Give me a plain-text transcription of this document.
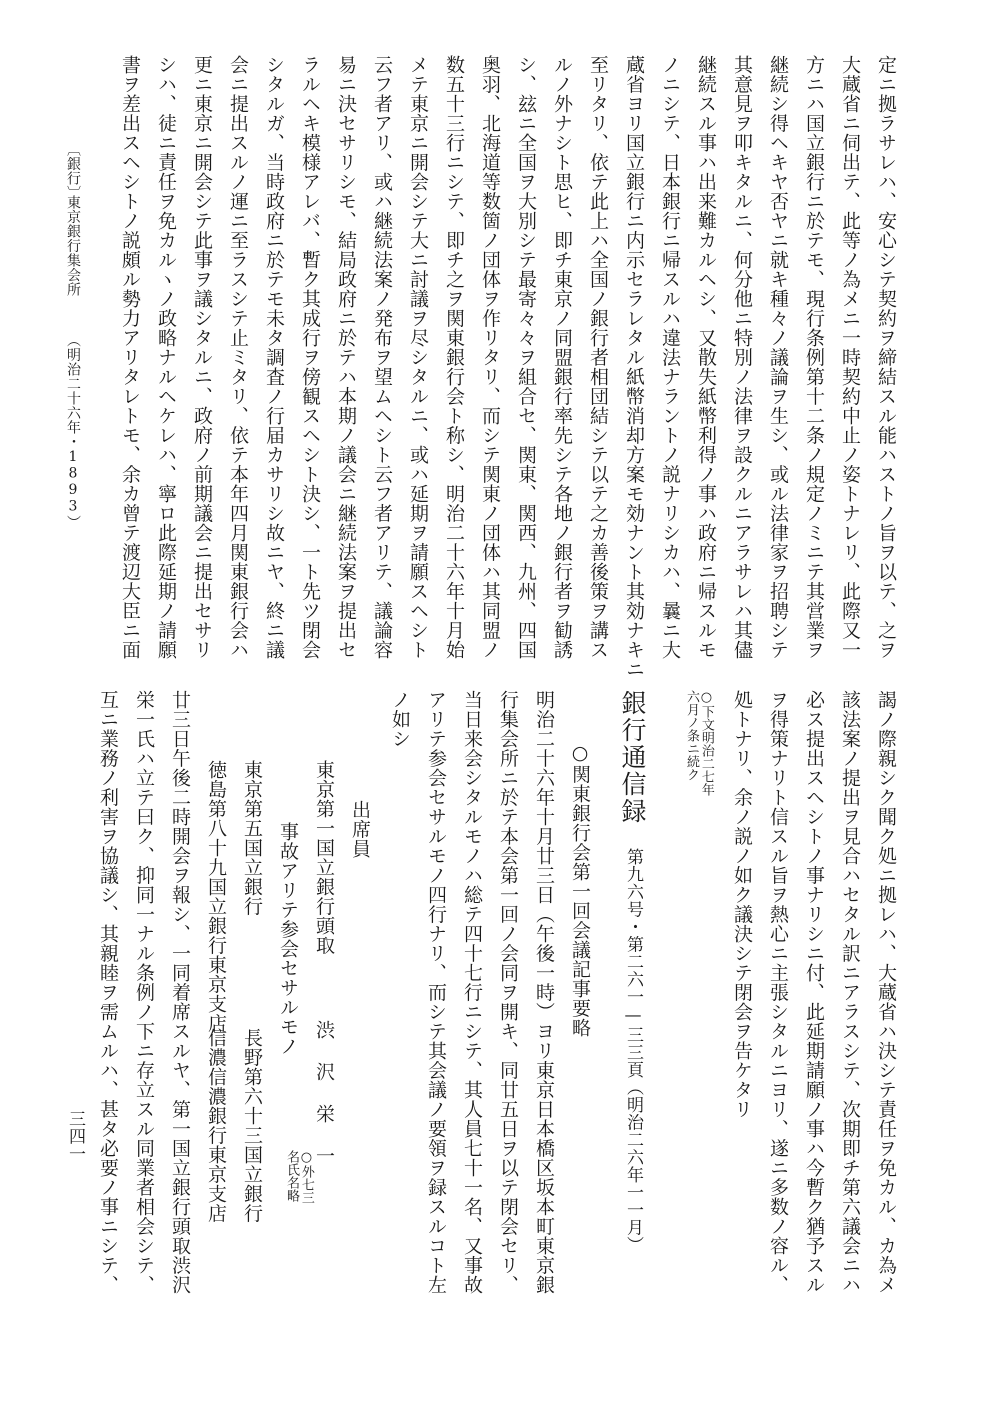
〔銀行〕
東京銀行集会所
（明治二十六年・1893）	定ニ拠ラサレハ、安心シテ契約ヲ締結スル能ハストノ旨ヲ以テ、之ヲ
大蔵省ニ伺出テ、此等ノ為メニ一時契約中止ノ姿トナレリ、此際又一
方ニハ国立銀行ニ於テモ、現行条例第十二条ノ規定ノミニテ其営業ヲ
継続シ得ヘキヤ否ヤニ就キ種々ノ議論ヲ生シ、或ル法律家ヲ招聘シテ
其意見ヲ叩キタルニ、何分他ニ特別ノ法律ヲ設クルニアラサレハ其儘
継続スル事ハ出来難カルヘシ、又散失紙幣利得ノ事ハ政府ニ帰スルモ
ノニシテ、日本銀行ニ帰スルハ違法ナラントノ説ナリシカハ、曩ニ大
蔵省ヨリ国立銀行ニ内示セラレタル紙幣消却方案モ効ナント其効ナキニ
至リタリ、依テ此上ハ全国ノ銀行者相団結シテ以テ之カ善後策ヲ講ス
ルノ外ナシト思ヒ、即チ東京ノ同盟銀行率先シテ各地ノ銀行者ヲ勧誘
シ、玆ニ全国ヲ大別シテ最寄々々ヲ組合セ、関東、関西、九州、四国
奥羽、北海道等数箇ノ団体ヲ作リタリ、而シテ関東ノ団体ハ其同盟ノ
数五十三行ニシテ、即チ之ヲ関東銀行会ト称シ、明治二十六年十月始
メテ東京ニ開会シテ大ニ討議ヲ尽シタルニ、或ハ延期ヲ請願スヘシト
云フ者アリ、或ハ継続法案ノ発布ヲ望ムヘシト云フ者アリテ、議論容
易ニ決セサリシモ、結局政府ニ於テハ本期ノ議会ニ継続法案ヲ提出セ
ラルヘキ模様アレバ、暫ク其成行ヲ傍観スヘシト決シ、一ト先ツ閉会
シタルガ、当時政府ニ於テモ未タ調査ノ行届カサリシ故ニヤ、終ニ議
会ニ提出スルノ運ニ至ラスシテ止ミタリ、依テ本年四月関東銀行会ハ
更ニ東京ニ開会シテ此事ヲ議シタルニ、政府ノ前期議会ニ提出セサリ
シハ、徒ニ責任ヲ免カルヽノ政略ナルヘケレハ、寧ロ此際延期ノ請願
書ヲ差出スヘシトノ説頗ル勢力アリタレトモ、余カ曾テ渡辺大臣ニ面
謁ノ際親シク聞ク処ニ拠レハ、大蔵省ハ決シテ責任ヲ免カル、カ為メ
該法案ノ提出ヲ見合ハセタル訳ニアラスシテ、次期即チ第六議会ニハ
必ス提出スヘシトノ事ナリシニ付、此延期請願ノ事ハ今暫ク猶予スル
ヲ得策ナリト信スル旨ヲ熱心ニ主張シタルニヨリ、遂ニ多数ノ容ル、
処トナリ、余ノ説ノ如ク議決シテ閉会ヲ告ケタリ
○下文明治二七年
六月ノ条ニ続ク
銀行通信録
第九六号・第二六一—三三頁（明治二六年一一月）
○関東銀行会第一回会議記事要略
明治二十六年十月廿三日（午後一時）ヨリ東京日本橋区坂本町東京銀
行集会所ニ於テ本会第一回ノ会同ヲ開キ、同廿五日ヲ以テ閉会セリ、
当日来会シタルモノハ総テ四十七行ニシテ、其人員七十一名、又事故
アリテ参会セサルモノ四行ナリ、而シテ其会議ノ要領ヲ録スルコト左
ノ如シ
出席員
東京第一国立銀行頭取
渋 沢 栄 一
○外七三
名氏名略
事故アリテ参会セサルモノ
東京第五国立銀行
長野第六十三国立銀行
徳島第八十九国立銀行東京支店
信濃信濃銀行東京支店
廿三日午後二時開会ヲ報シ、一同着席スルヤ、第一国立銀行頭取渋沢
栄一氏ハ立テ曰ク、抑同一ナル条例ノ下ニ存立スル同業者相会シテ、
互ニ業務ノ利害ヲ協議シ、其親睦ヲ需ムルハ、甚タ必要ノ事ニシテ、
三四一
